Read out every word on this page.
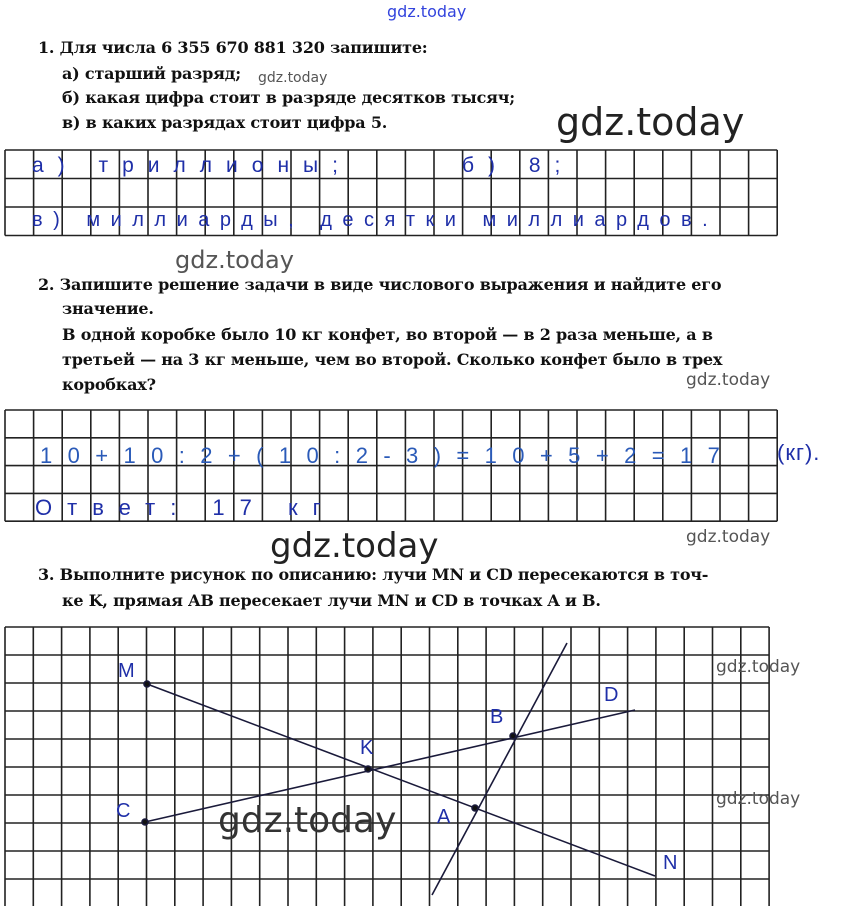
gdz.today
1. Для числа 6 355 670 881 320 запишите:
а) старший разряд; gdz.today
б) какая цифра стоит в разряде десятков тысяч;
в) в каких разрядах стоит цифра 5.	gdz.today
а) триллионы;	б) 8;
в) миллиарды, десятки миллиардов.
gdz.today
2. Запишите решение задачи в виде числового выражения и найдите его
значение.
В одной коробке было 10 кг конфет, во второй — в 2 раза меньше, а в
третьей — на 3 кг меньше, чем во второй. Сколько конфет было в трех
коробках?	gdz.today
10+10:2+(10:2-3)=10+5+2=17 (кг).
Ответ: 17 кг
gdz.today	gdz.today
3. Выполните рисунок по описанию: лучи MN и CD пересекаются в точ-
ке K, прямая AB пересекает лучи MN и CD в точках A и B.
M
N
C
D
K
B
A
gdz.today
gdz.today
gdz.today
